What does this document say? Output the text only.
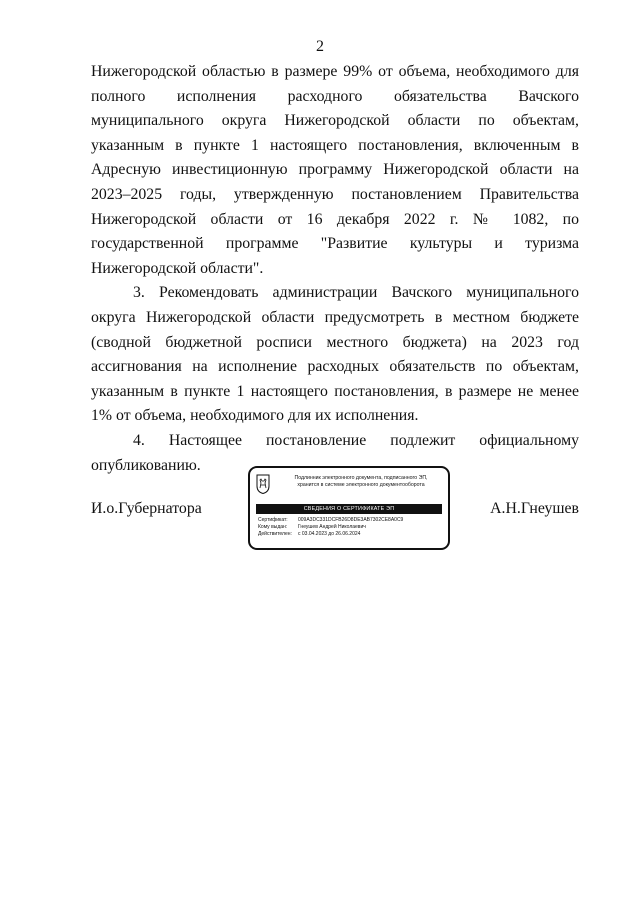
2

Нижегородской областью в размере 99% от объема, необходимого для полного исполнения расходного обязательства Вачского муниципального округа Нижегородской области по объектам, указанным в пункте 1 настоящего постановления, включенным в Адресную инвестиционную программу Нижегородской области на 2023–2025 годы, утвержденную постановлением Правительства Нижегородской области от 16 декабря 2022 г. № 1082, по государственной программе "Развитие культуры и туризма Нижегородской области".

3. Рекомендовать администрации Вачского муниципального округа Нижегородской области предусмотреть в местном бюджете (сводной бюджетной росписи местного бюджета) на 2023 год ассигнования на исполнение расходных обязательств по объектам, указанным в пункте 1 настоящего постановления, в размере не менее 1% от объема, необходимого для их исполнения.

4. Настоящее постановление подлежит официальному опубликованию.

И.о.Губернатора	А.Н.Гнеушев
Подлинник электронного документа, подписанного ЭП,
хранится в системе электронного документооборота
СВЕДЕНИЯ О СЕРТИФИКАТЕ ЭП
Сертификат: 009A3DC331DCFB26D8DE3AB7302CE8A0C9
Кому выдан: Гнеушев Андрей Николаевич
Действителен: с 03.04.2023 до 26.06.2024
